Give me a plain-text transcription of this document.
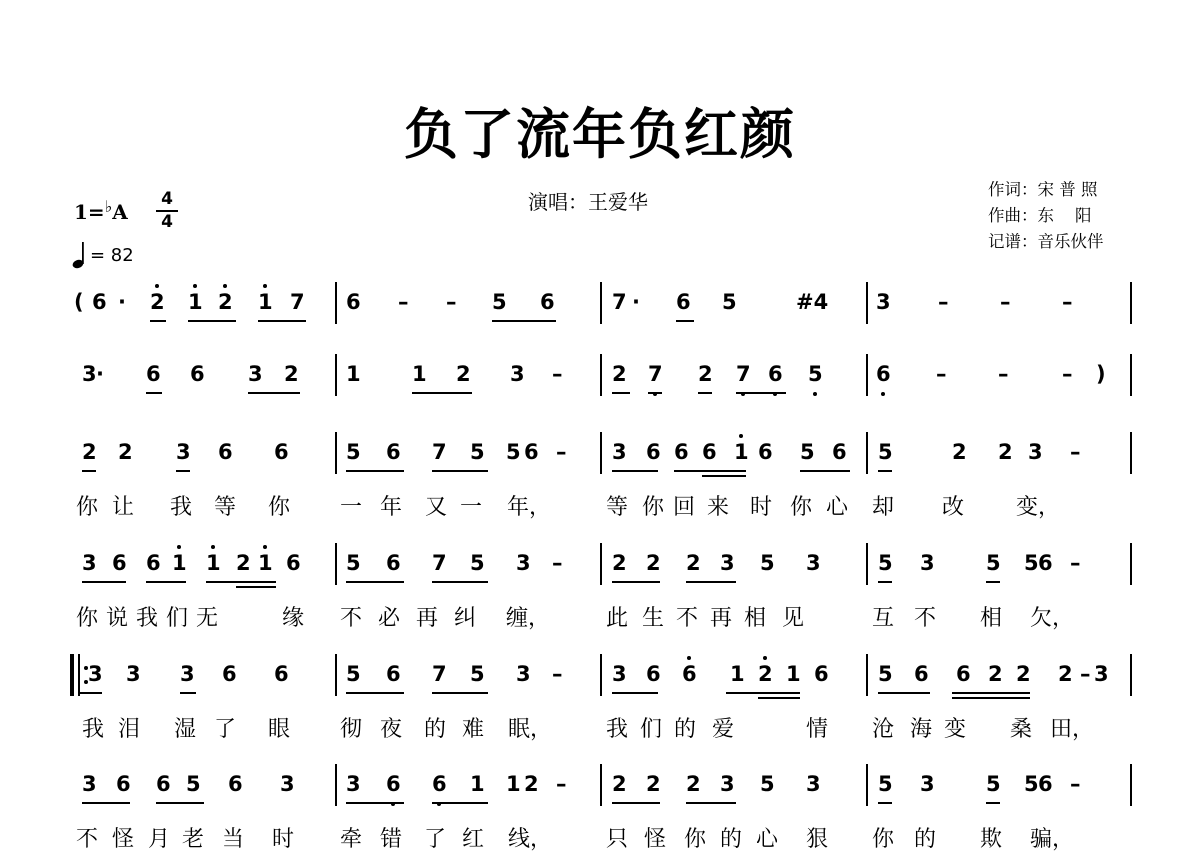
负了流年负红颜
演唱：王爱华
作词：宋 普 照
作曲：东    阳
记谱：音乐伙伴
1=♭A
4
4
= 82
( 6 · 2 1 2 1 7 6 – – 5 6	7 · 6 5	#4 3 – – –
3 · 6 6 3 2 1 1 2 3 – 2 7 2 7 6 5	6 – –	– )
2 2 3 6 6	5 6 7 5 5 6 – 3 6 6 6 1 6 5 6 5	2 2 3 –
你 让 我 等 你 一 年 又 一 年， 等 你 回 来 时 你 心 却 改 变，
3 6 6 1 1 2 1 6 5 6 7 5 3 – 2 2 2 3 5 3	5 3 5 5 6 –
你 说 我 们 无	缘 不 必 再 纠 缠，	此 生 不 再 相 见	互 不 相 欠，
3 3 3 6 6	5 6 7 5 3 – 3 6 6 1 2 1 6 5 6 6 2 2 2 3
–
我 泪 湿 了 眼 彻 夜 的 难 眠， 我 们 的 爱	情 沧 海 变 桑 田，
3 6 6 5 6 3 3 6 6 1 1 2 – 2 2 2 3 5 3	5 3 5 5 6 –
不 怪 月 老 当 时 牵 错 了 红 线， 只 怪 你 的 心 狠 你 的 欺 骗，
